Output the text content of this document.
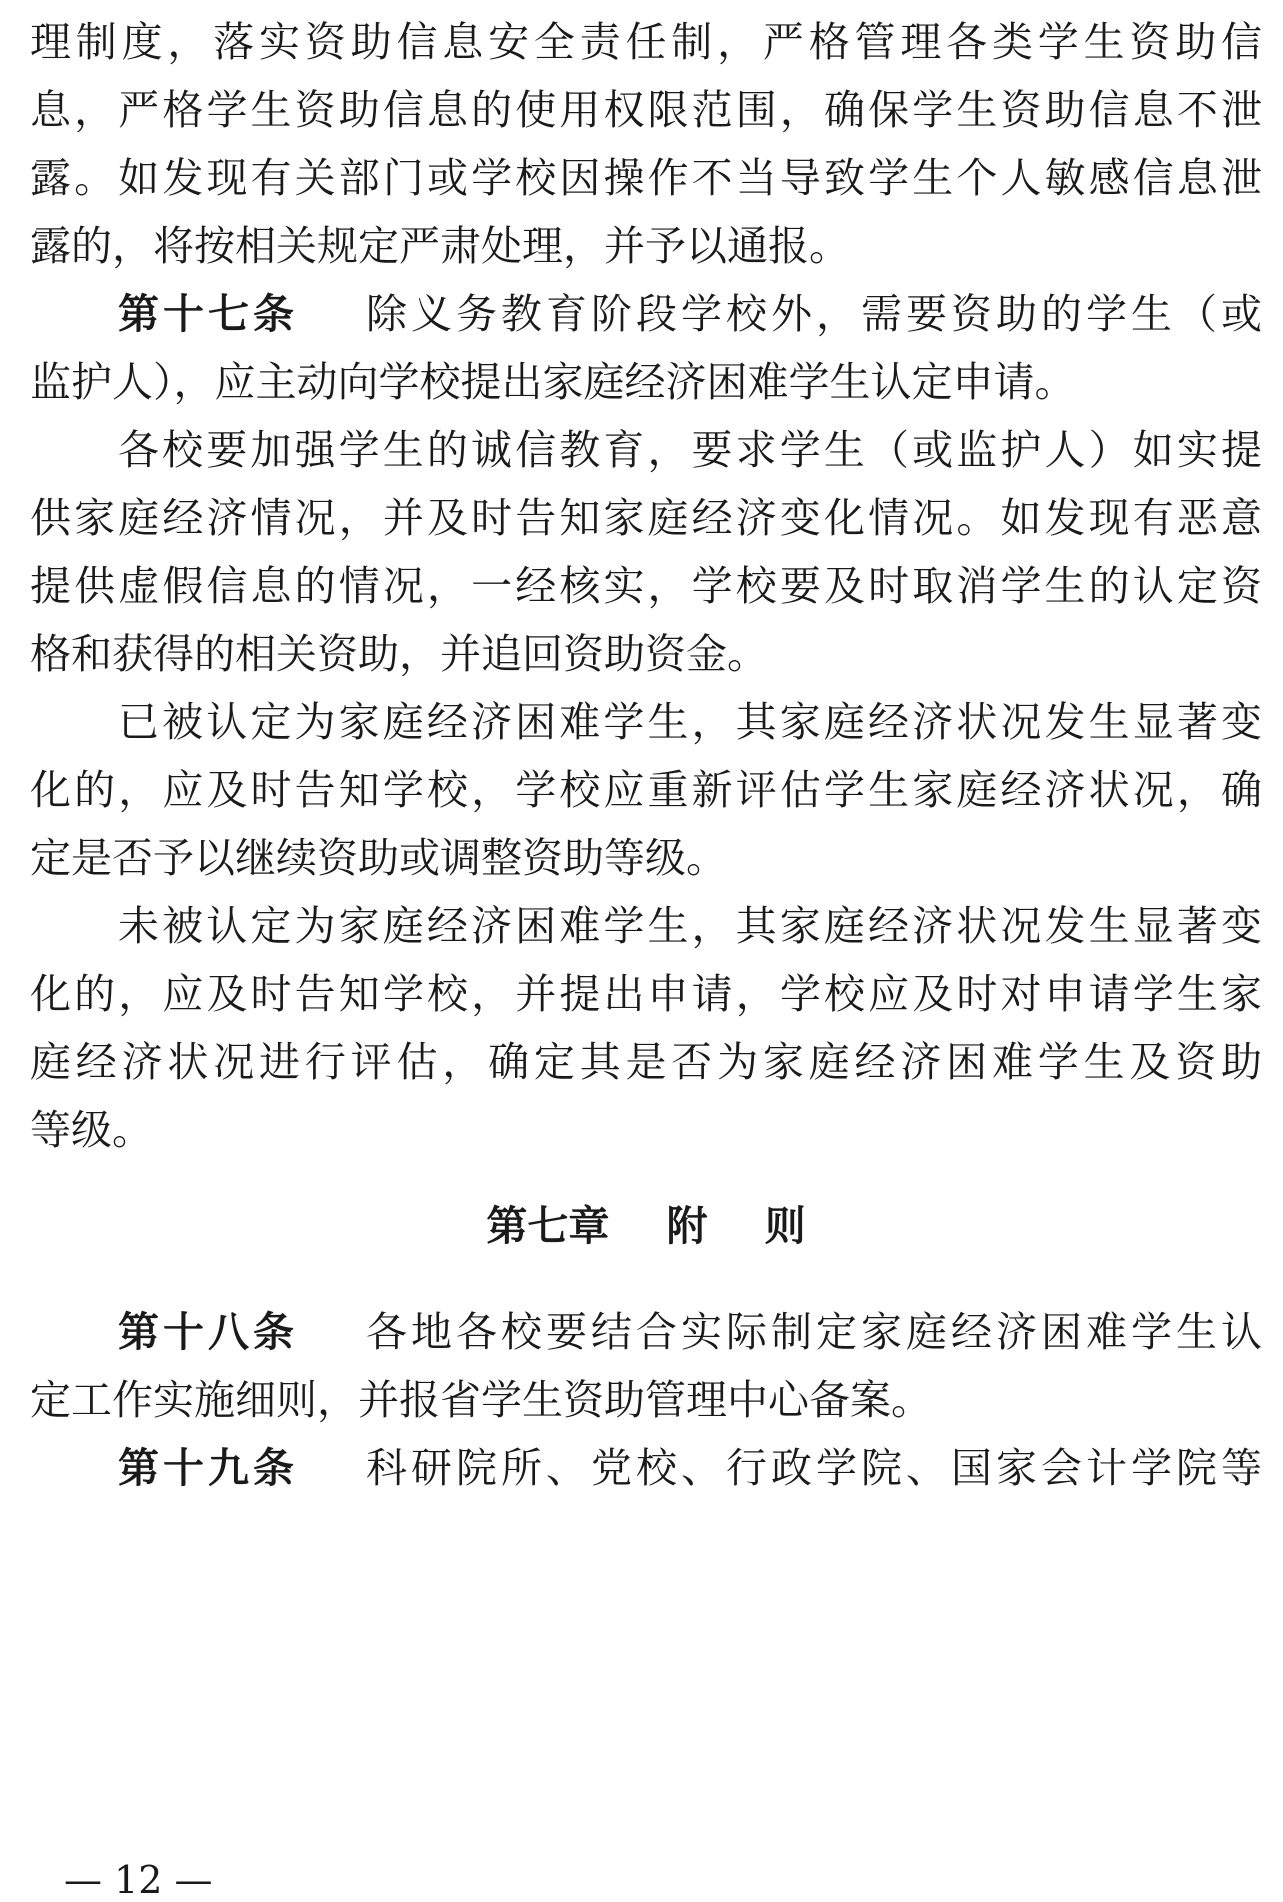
理制度，落实资助信息安全责任制，严格管理各类学生资助信
息，严格学生资助信息的使用权限范围，确保学生资助信息不泄
露。如发现有关部门或学校因操作不当导致学生个人敏感信息泄
露的，将按相关规定严肃处理，并予以通报。
第十七条 除义务教育阶段学校外，需要资助的学生（或
监护人），应主动向学校提出家庭经济困难学生认定申请。
各校要加强学生的诚信教育，要求学生（或监护人）如实提
供家庭经济情况，并及时告知家庭经济变化情况。如发现有恶意
提供虚假信息的情况，一经核实，学校要及时取消学生的认定资
格和获得的相关资助，并追回资助资金。
已被认定为家庭经济困难学生，其家庭经济状况发生显著变
化的，应及时告知学校，学校应重新评估学生家庭经济状况，确
定是否予以继续资助或调整资助等级。
未被认定为家庭经济困难学生，其家庭经济状况发生显著变
化的，应及时告知学校，并提出申请，学校应及时对申请学生家
庭经济状况进行评估，确定其是否为家庭经济困难学生及资助
等级。
第七章    附    则
第十八条 各地各校要结合实际制定家庭经济困难学生认
定工作实施细则，并报省学生资助管理中心备案。
第十九条 科研院所、党校、行政学院、国家会计学院等
— 12 —
